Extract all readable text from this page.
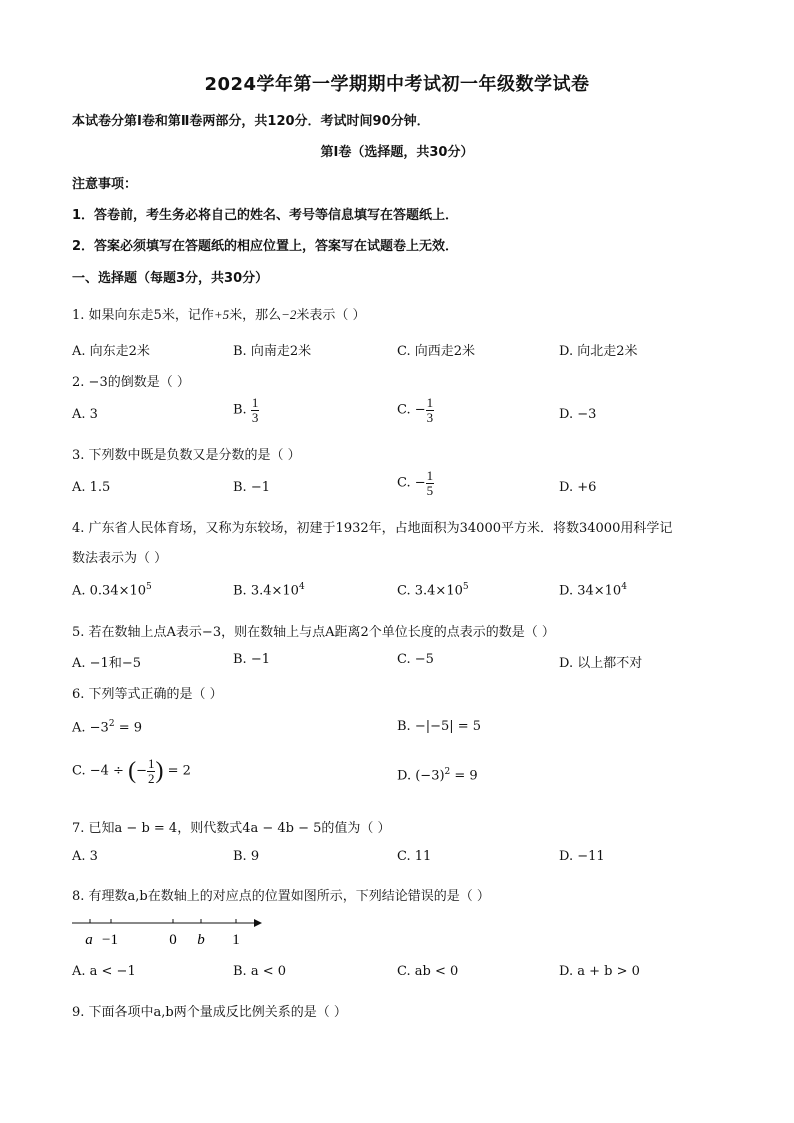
2024学年第一学期期中考试初一年级数学试卷
本试卷分第Ⅰ卷和第Ⅱ卷两部分，共120分．考试时间90分钟．
第Ⅰ卷（选择题，共30分）
注意事项：
1．答卷前，考生务必将自己的姓名、考号等信息填写在答题纸上．
2．答案必须填写在答题纸的相应位置上，答案写在试题卷上无效．
一、选择题（每题3分，共30分）
1. 如果向东走5米，记作+5米，那么−2米表示（ ）
A. 向东走2米	B. 向南走2米	C. 向西走2米	D. 向北走2米
2. −3的倒数是（ ）
A. 3	B. $\frac{1}{3}$	C. − $\frac{1}{3}$	D. −3
3. 下列数中既是负数又是分数的是（ ）
A. 1.5	B. −1	C. − $\frac{1}{5}$	D. +6
4. 广东省人民体育场，又称为东较场，初建于1932年，占地面积为34000平方米．将数34000用科学记
数法表示为（ ）
A. $0.34\times 10^5$	B. $3.4\times 10^4$	C. $3.4\times 10^5$	D. $34\times 10^4$
5. 若在数轴上点A表示−3，则在数轴上与点A距离2个单位长度的点表示的数是（ ）
A. −1和−5	B. −1	C. −5	D. 以上都不对
6. 下列等式正确的是（ ）
A. $-3^2 = 9$	B. −|−5| = 5
C. −4 ÷ (− $\frac{1}{2}$ ) = 2	D. $(-3)^2 = 9$
7. 已知a − b = 4，则代数式4a − 4b − 5的值为（ ）
A. 3	B. 9	C. 11	D. −11
8. 有理数a,b在数轴上的对应点的位置如图所示，下列结论错误的是（ ）
a −1	0 b 1
A. a < −1	B. a < 0	C. ab < 0	D. a + b > 0
9. 下面各项中a,b两个量成反比例关系的是（ ）
